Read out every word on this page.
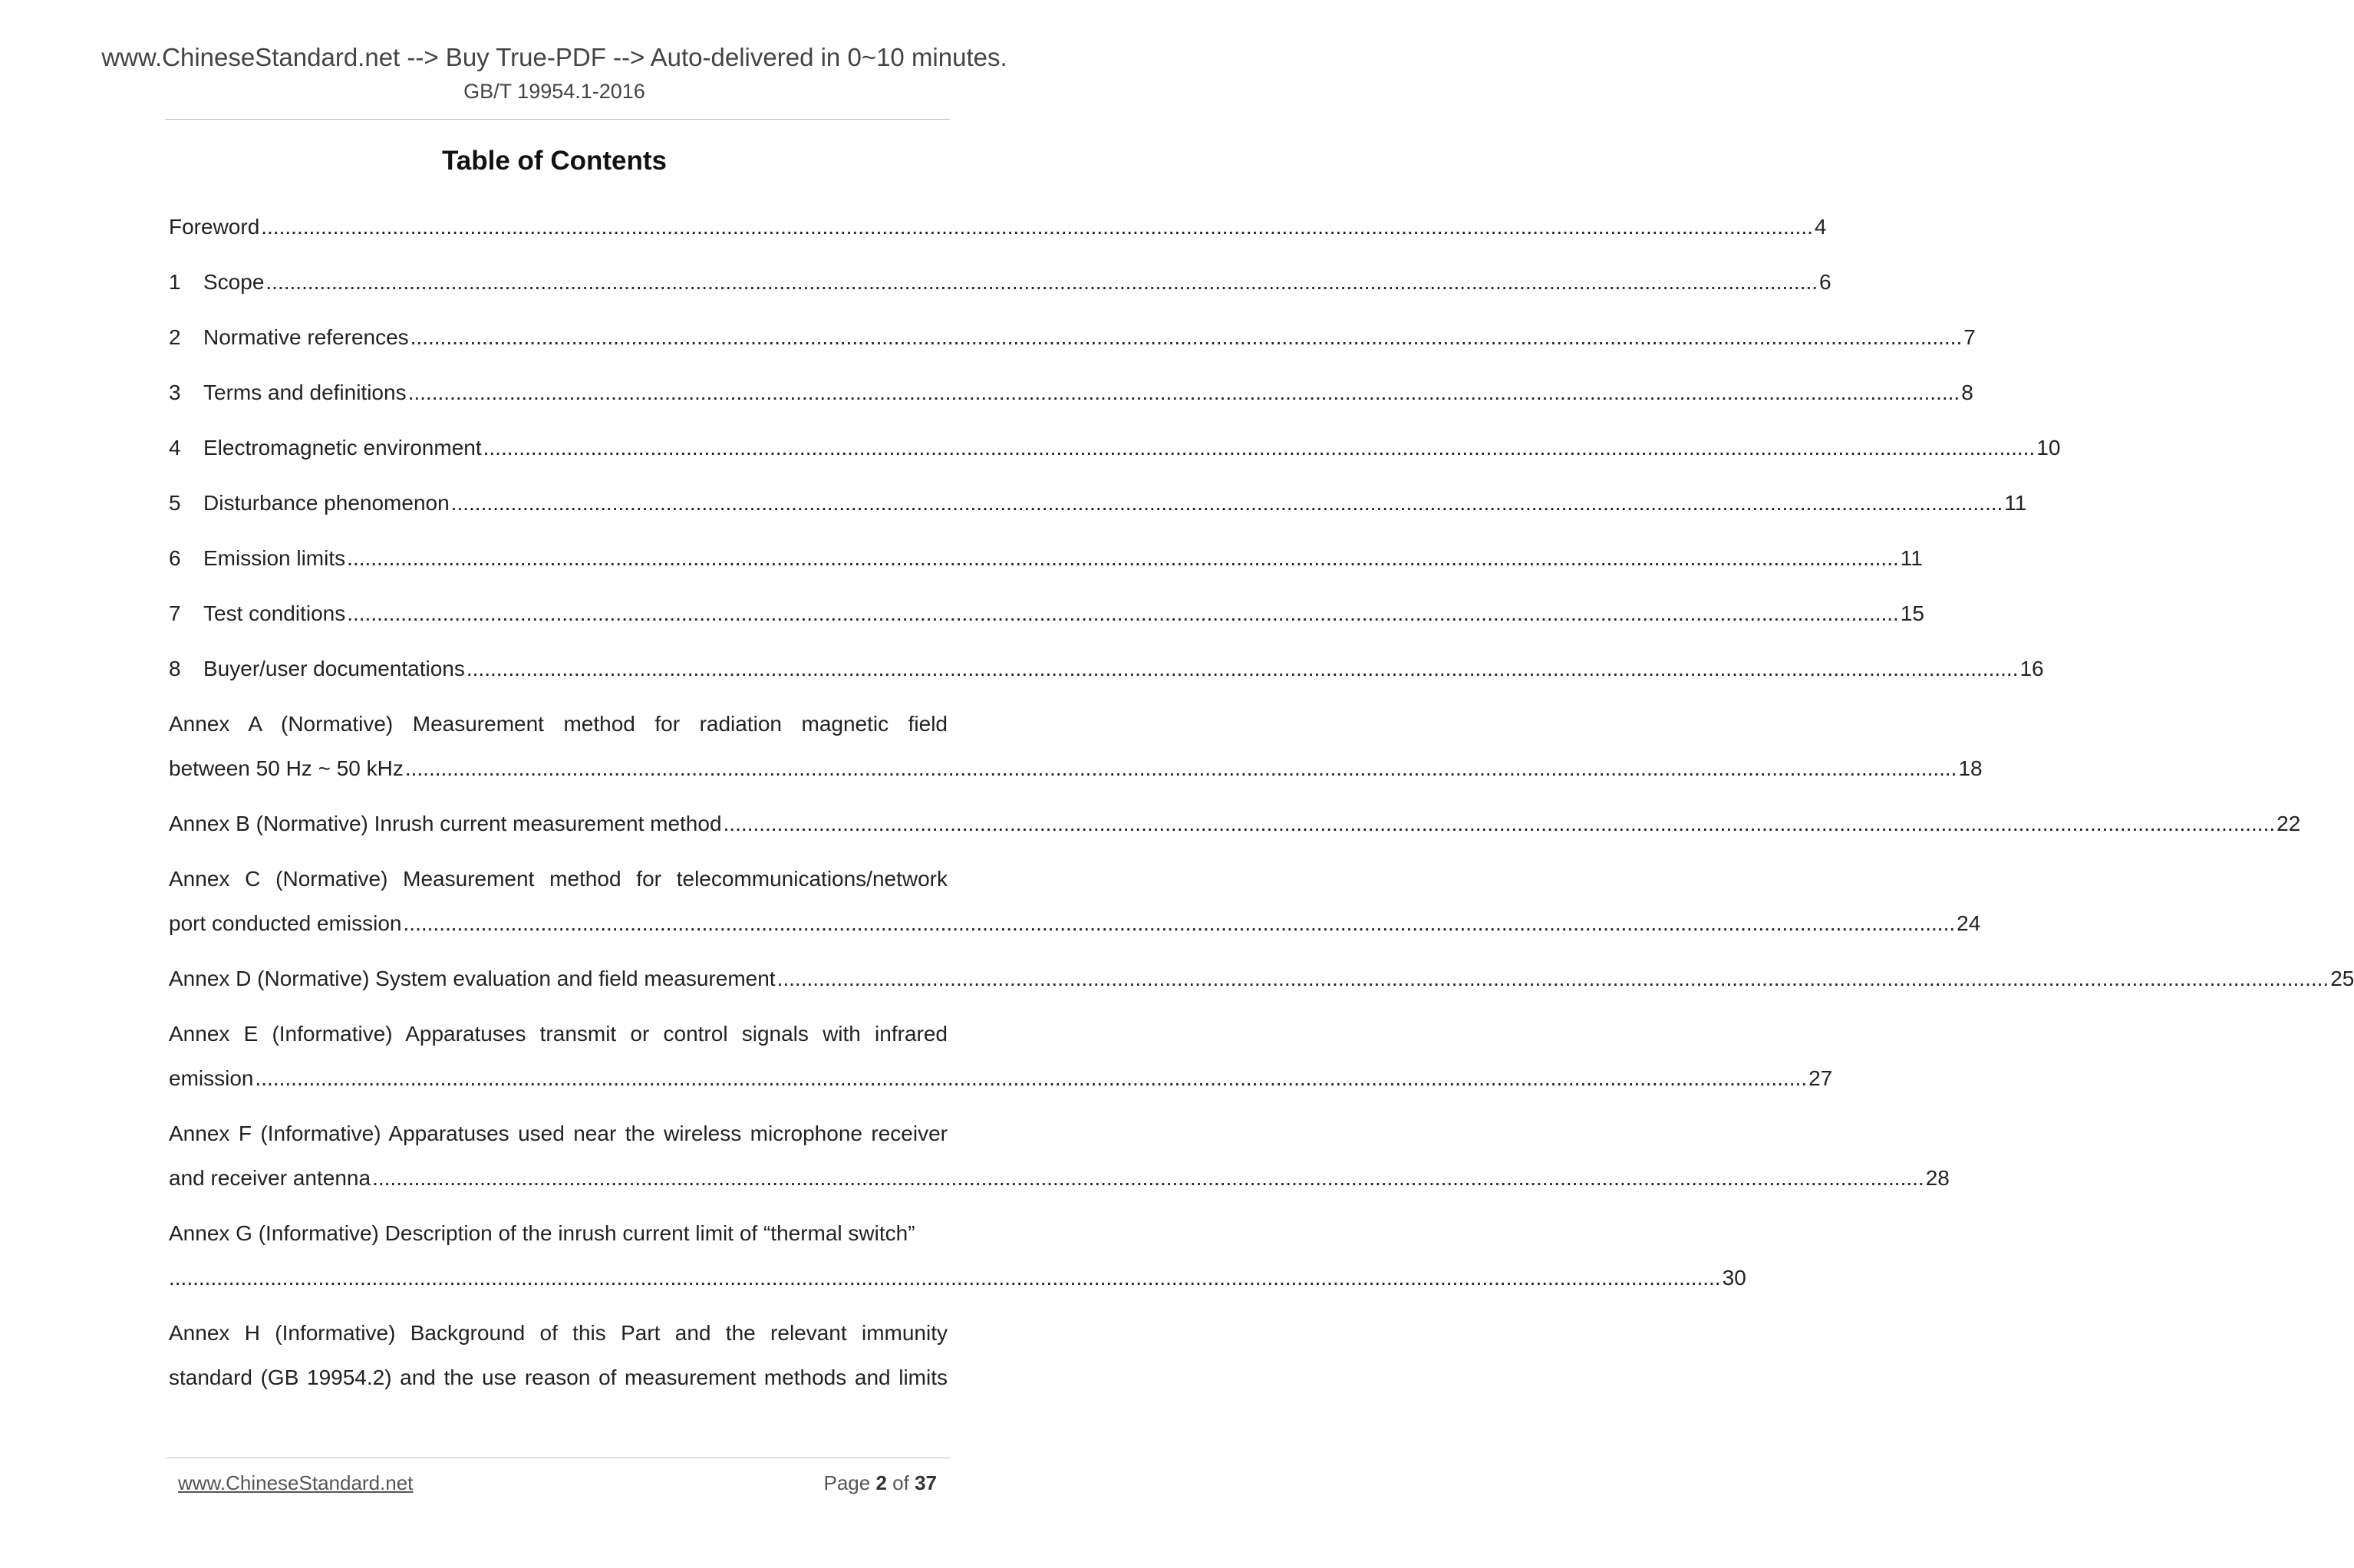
www.ChineseStandard.net --> Buy True-PDF --> Auto-delivered in 0~10 minutes.
GB/T 19954.1-2016
Table of Contents
Foreword .................................................................................................................................................................................................................................................................... 4
1	Scope .................................................................................................................................................................................................................................................................... 6
2	Normative references .................................................................................................................................................................................................................................................................... 7
3	Terms and definitions .................................................................................................................................................................................................................................................................... 8
4	Electromagnetic environment .................................................................................................................................................................................................................................................................... 10
5	Disturbance phenomenon .................................................................................................................................................................................................................................................................... 11
6	Emission limits .................................................................................................................................................................................................................................................................... 11
7	Test conditions .................................................................................................................................................................................................................................................................... 15
8	Buyer/user documentations .................................................................................................................................................................................................................................................................... 16
Annex A (Normative) Measurement method for radiation magnetic field
between 50 Hz ~ 50 kHz .................................................................................................................................................................................................................................................................... 18
Annex B (Normative) Inrush current measurement method .................................................................................................................................................................................................................................................................... 22
Annex C (Normative) Measurement method for telecommunications/network
port conducted emission .................................................................................................................................................................................................................................................................... 24
Annex D (Normative) System evaluation and field measurement .................................................................................................................................................................................................................................................................... 25
Annex E (Informative) Apparatuses transmit or control signals with infrared
emission .................................................................................................................................................................................................................................................................... 27
Annex F (Informative) Apparatuses used near the wireless microphone receiver
and receiver antenna .................................................................................................................................................................................................................................................................... 28
Annex G (Informative) Description of the inrush current limit of “thermal switch”
.................................................................................................................................................................................................................................................................... 30
Annex H (Informative) Background of this Part and the relevant immunity
standard (GB 19954.2) and the use reason of measurement methods and limits
www.ChineseStandard.net	Page 2 of 37
